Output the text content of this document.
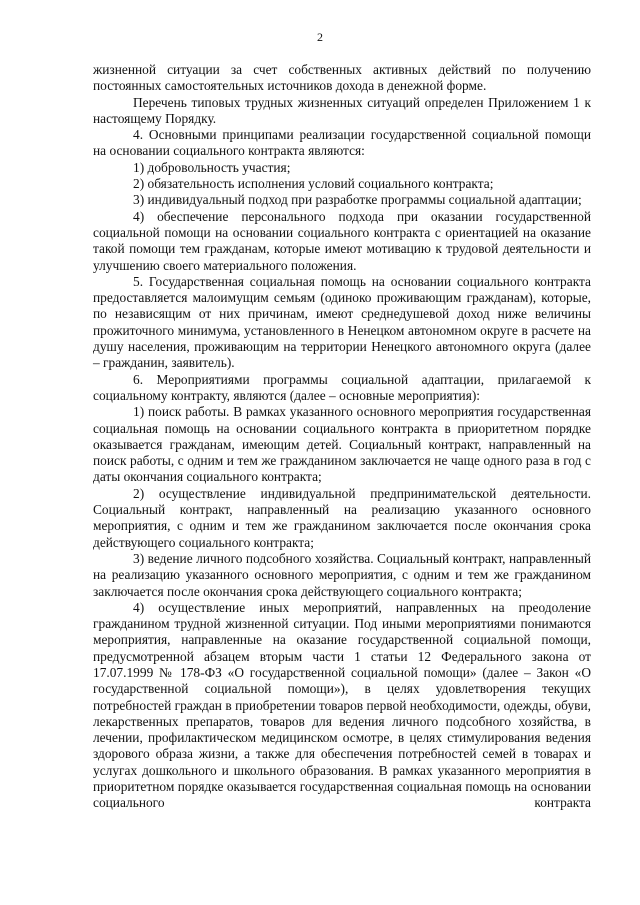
2

жизненной ситуации за счет собственных активных действий по получению постоянных самостоятельных источников дохода в денежной форме.

Перечень типовых трудных жизненных ситуаций определен Приложением 1 к настоящему Порядку.

4. Основными принципами реализации государственной социальной помощи на основании социального контракта являются:

1) добровольность участия;

2) обязательность исполнения условий социального контракта;

3) индивидуальный подход при разработке программы социальной адаптации;

4) обеспечение персонального подхода при оказании государственной социальной помощи на основании социального контракта с ориентацией на оказание такой помощи тем гражданам, которые имеют мотивацию к трудовой деятельности и улучшению своего материального положения.

5. Государственная социальная помощь на основании социального контракта предоставляется малоимущим семьям (одиноко проживающим гражданам), которые, по независящим от них причинам, имеют среднедушевой доход ниже величины прожиточного минимума, установленного в Ненецком автономном округе в расчете на душу населения, проживающим на территории Ненецкого автономного округа (далее – гражданин, заявитель).

6. Мероприятиями программы социальной адаптации, прилагаемой к социальному контракту, являются (далее – основные мероприятия):

1) поиск работы. В рамках указанного основного мероприятия государственная социальная помощь на основании социального контракта в приоритетном порядке оказывается гражданам, имеющим детей. Социальный контракт, направленный на поиск работы, с одним и тем же гражданином заключается не чаще одного раза в год с даты окончания социального контракта;

2) осуществление индивидуальной предпринимательской деятельности. Социальный контракт, направленный на реализацию указанного основного мероприятия, с одним и тем же гражданином заключается после окончания срока действующего социального контракта;

3) ведение личного подсобного хозяйства. Социальный контракт, направленный на реализацию указанного основного мероприятия, с одним и тем же гражданином заключается после окончания срока действующего социального контракта;

4) осуществление иных мероприятий, направленных на преодоление гражданином трудной жизненной ситуации. Под иными мероприятиями понимаются мероприятия, направленные на оказание государственной социальной помощи, предусмотренной абзацем вторым части 1 статьи 12 Федерального закона от 17.07.1999 № 178-ФЗ «О государственной социальной помощи» (далее – Закон «О государственной социальной помощи»), в целях удовлетворения текущих потребностей граждан в приобретении товаров первой необходимости, одежды, обуви, лекарственных препаратов, товаров для ведения личного подсобного хозяйства, в лечении, профилактическом медицинском осмотре, в целях стимулирования ведения здорового образа жизни, а также для обеспечения потребностей семей в товарах и услугах дошкольного и школьного образования. В рамках указанного мероприятия в приоритетном порядке оказывается государственная социальная помощь на основании социального контракта
